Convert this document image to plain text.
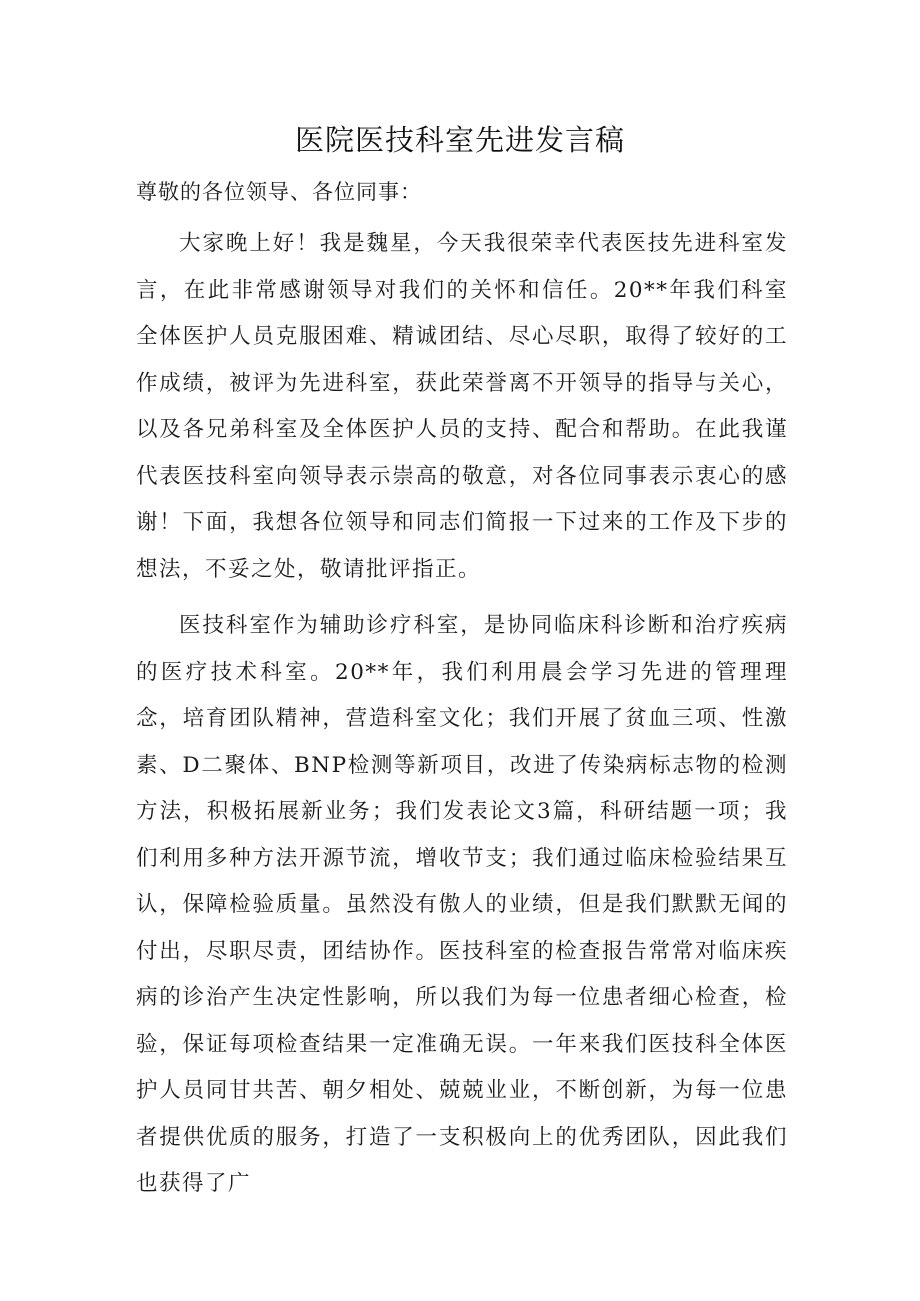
医院医技科室先进发言稿
尊敬的各位领导、各位同事：

大家晚上好！我是魏星，今天我很荣幸代表医技先进科室发言，在此非常感谢领导对我们的关怀和信任。20**年我们科室全体医护人员克服困难、精诚团结、尽心尽职，取得了较好的工作成绩，被评为先进科室，获此荣誉离不开领导的指导与关心，以及各兄弟科室及全体医护人员的支持、配合和帮助。在此我谨代表医技科室向领导表示崇高的敬意，对各位同事表示衷心的感谢！下面，我想各位领导和同志们简报一下过来的工作及下步的想法，不妥之处，敬请批评指正。

医技科室作为辅助诊疗科室，是协同临床科诊断和治疗疾病的医疗技术科室。20**年，我们利用晨会学习先进的管理理念，培育团队精神，营造科室文化；我们开展了贫血三项、性激素、D二聚体、BNP检测等新项目，改进了传染病标志物的检测方法，积极拓展新业务；我们发表论文3篇，科研结题一项；我们利用多种方法开源节流，增收节支；我们通过临床检验结果互认，保障检验质量。虽然没有傲人的业绩，但是我们默默无闻的付出，尽职尽责，团结协作。医技科室的检查报告常常对临床疾病的诊治产生决定性影响，所以我们为每一位患者细心检查，检验，保证每项检查结果一定准确无误。一年来我们医技科全体医护人员同甘共苦、朝夕相处、兢兢业业，不断创新，为每一位患者提供优质的服务，打造了一支积极向上的优秀团队，因此我们也获得了广
